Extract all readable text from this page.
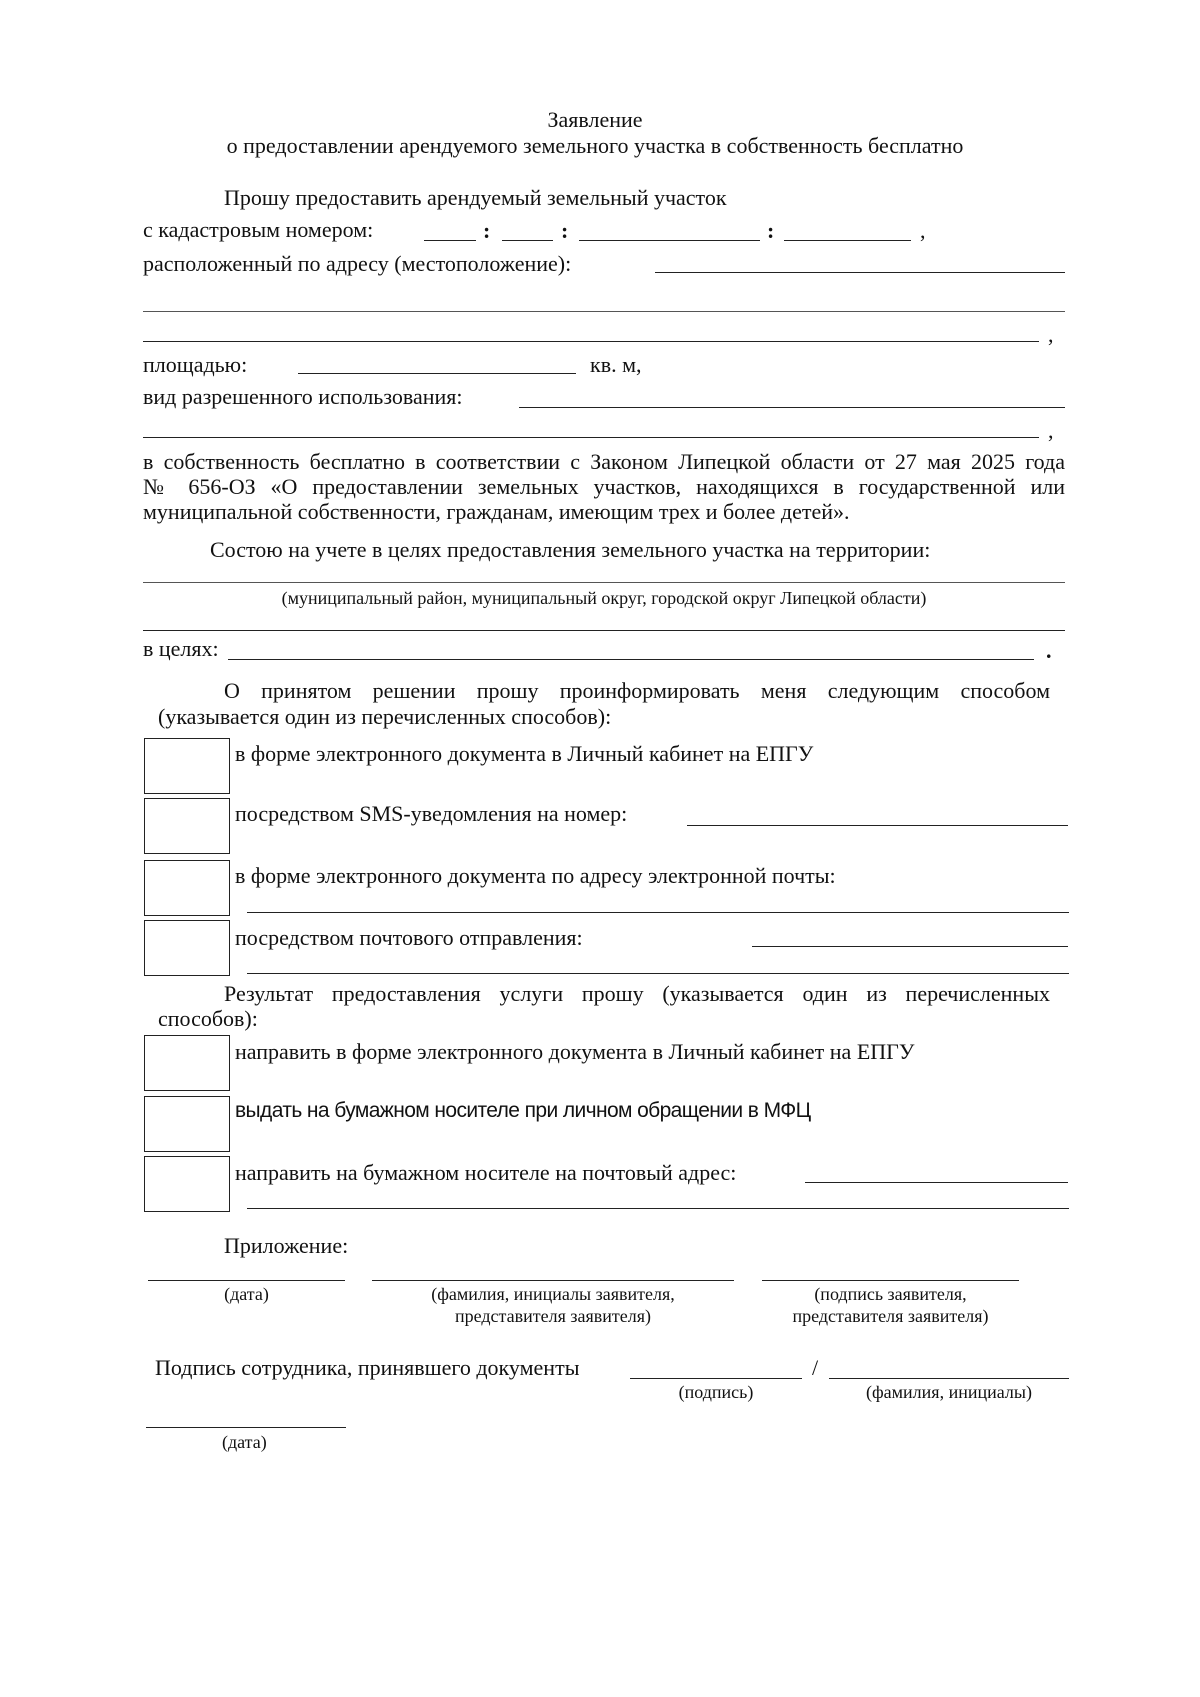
Заявление
о предоставлении арендуемого земельного участка в собственность бесплатно
Прошу предоставить арендуемый земельный участок
с кадастровым номером:	:	:	:	,
расположенный по адресу (местоположение):
,
площадью:	кв. м,
вид разрешенного использования:
,
в собственность бесплатно в соответствии с Законом Липецкой области от 27 мая 2025 года
№ 656-ОЗ «О предоставлении земельных участков, находящихся в государственной или
муниципальной собственности, гражданам, имеющим трех и более детей».
Состою на учете в целях предоставления земельного участка на территории:
(муниципальный район, муниципальный округ, городской округ Липецкой области)
в целях:	.
О принятом решении прошу проинформировать меня следующим способом
(указывается один из перечисленных способов):
в форме электронного документа в Личный кабинет на ЕПГУ
посредством SMS-уведомления на номер:
в форме электронного документа по адресу электронной почты:
посредством почтового отправления:
Результат предоставления услуги прошу (указывается один из перечисленных
способов):
направить в форме электронного документа в Личный кабинет на ЕПГУ
выдать на бумажном носителе при личном обращении в МФЦ
направить на бумажном носителе на почтовый адрес:
Приложение:
(дата)	(фамилия, инициалы заявителя,
представителя заявителя)
(подпись заявителя,
представителя заявителя)
Подпись сотрудника, принявшего документы	/
(подпись)	(фамилия, инициалы)
(дата)
